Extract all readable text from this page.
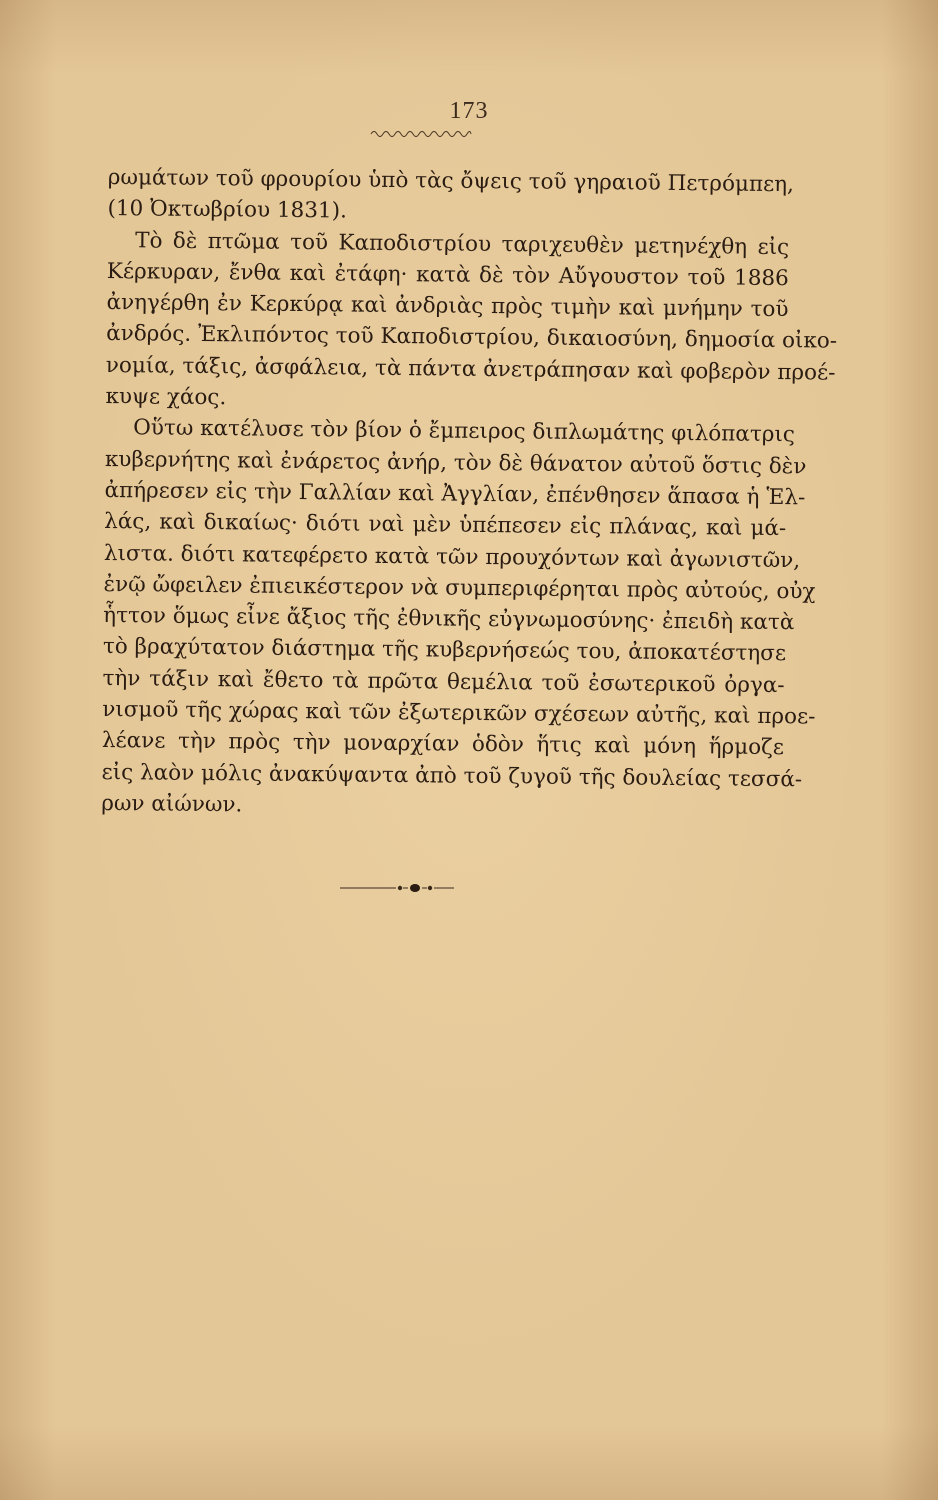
173
ρωμάτων τοῦ φρουρίου ὑπὸ τὰς ὄψεις τοῦ γηραιοῦ Πετρόμπεη,
(10 Ὀκτωβρίου 1831).
Τὸ δὲ πτῶμα τοῦ Καποδιστρίου ταριχευθὲν μετηνέχθη εἰς
Κέρκυραν, ἔνθα καὶ ἐτάφη· κατὰ δὲ τὸν Αὔγουστον τοῦ 1886
ἀνηγέρθη ἐν Κερκύρᾳ καὶ ἀνδριὰς πρὸς τιμὴν καὶ μνήμην τοῦ
ἀνδρός. Ἐκλιπόντος τοῦ Καποδιστρίου, δικαιοσύνη, δημοσία οἰκο-
νομία, τάξις, ἀσφάλεια, τὰ πάντα ἀνετράπησαν καὶ φοβερὸν προέ-
κυψε χάος.
Οὕτω κατέλυσε τὸν βίον ὁ ἔμπειρος διπλωμάτης φιλόπατρις
κυβερνήτης καὶ ἐνάρετος ἀνήρ, τὸν δὲ θάνατον αὐτοῦ ὅστις δὲν
ἀπήρεσεν εἰς τὴν Γαλλίαν καὶ Ἀγγλίαν, ἐπένθησεν ἅπασα ἡ Ἑλ-
λάς, καὶ δικαίως· διότι ναὶ μὲν ὑπέπεσεν εἰς πλάνας, καὶ μά-
λιστα. διότι κατεφέρετο κατὰ τῶν προυχόντων καὶ ἀγωνιστῶν,
ἐνῷ ὤφειλεν ἐπιεικέστερον νὰ συμπεριφέρηται πρὸς αὐτούς, οὐχ
ἧττον ὅμως εἶνε ἄξιος τῆς ἐθνικῆς εὐγνωμοσύνης· ἐπειδὴ κατὰ
τὸ βραχύτατον διάστημα τῆς κυβερνήσεώς του, ἀποκατέστησε
τὴν τάξιν καὶ ἔθετο τὰ πρῶτα θεμέλια τοῦ ἐσωτερικοῦ ὀργα-
νισμοῦ τῆς χώρας καὶ τῶν ἐξωτερικῶν σχέσεων αὐτῆς, καὶ προε-
λέανε τὴν πρὸς τὴν μοναρχίαν ὁδὸν ἥτις καὶ μόνη ἥρμοζε
εἰς λαὸν μόλις ἀνακύψαντα ἀπὸ τοῦ ζυγοῦ τῆς δουλείας τεσσά-
ρων αἰώνων.
